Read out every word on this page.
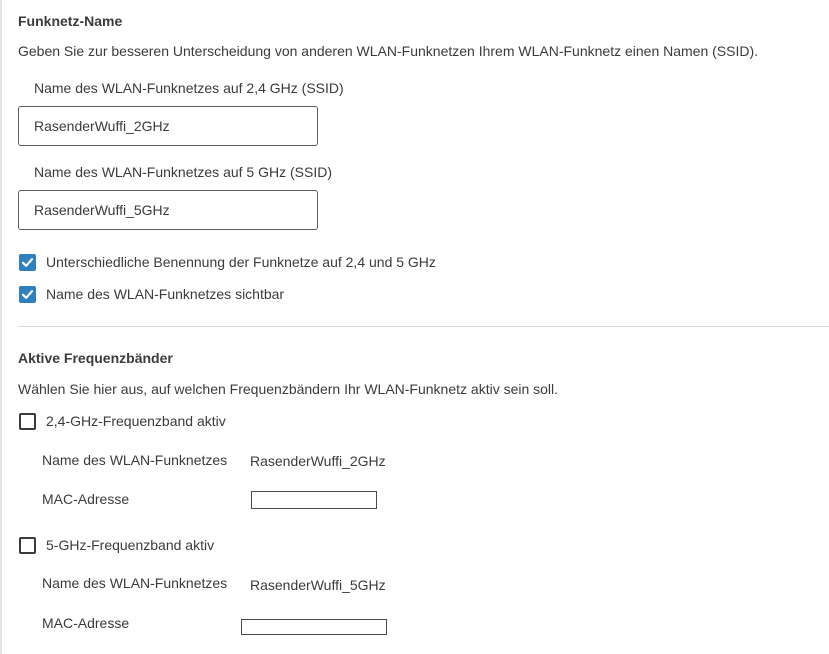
Funknetz-Name
Geben Sie zur besseren Unterscheidung von anderen WLAN-Funknetzen Ihrem WLAN-Funknetz einen Namen (SSID).
Name des WLAN-Funknetzes auf 2,4 GHz (SSID)
RasenderWuffi_2GHz
Name des WLAN-Funknetzes auf 5 GHz (SSID)
RasenderWuffi_5GHz
Unterschiedliche Benennung der Funknetze auf 2,4 und 5 GHz
Name des WLAN-Funknetzes sichtbar
Aktive Frequenzbänder
Wählen Sie hier aus, auf welchen Frequenzbändern Ihr WLAN-Funknetz aktiv sein soll.
2,4-GHz-Frequenzband aktiv
Name des WLAN-Funknetzes RasenderWuffi_2GHz
MAC-Adresse
5-GHz-Frequenzband aktiv
Name des WLAN-Funknetzes RasenderWuffi_5GHz
MAC-Adresse
